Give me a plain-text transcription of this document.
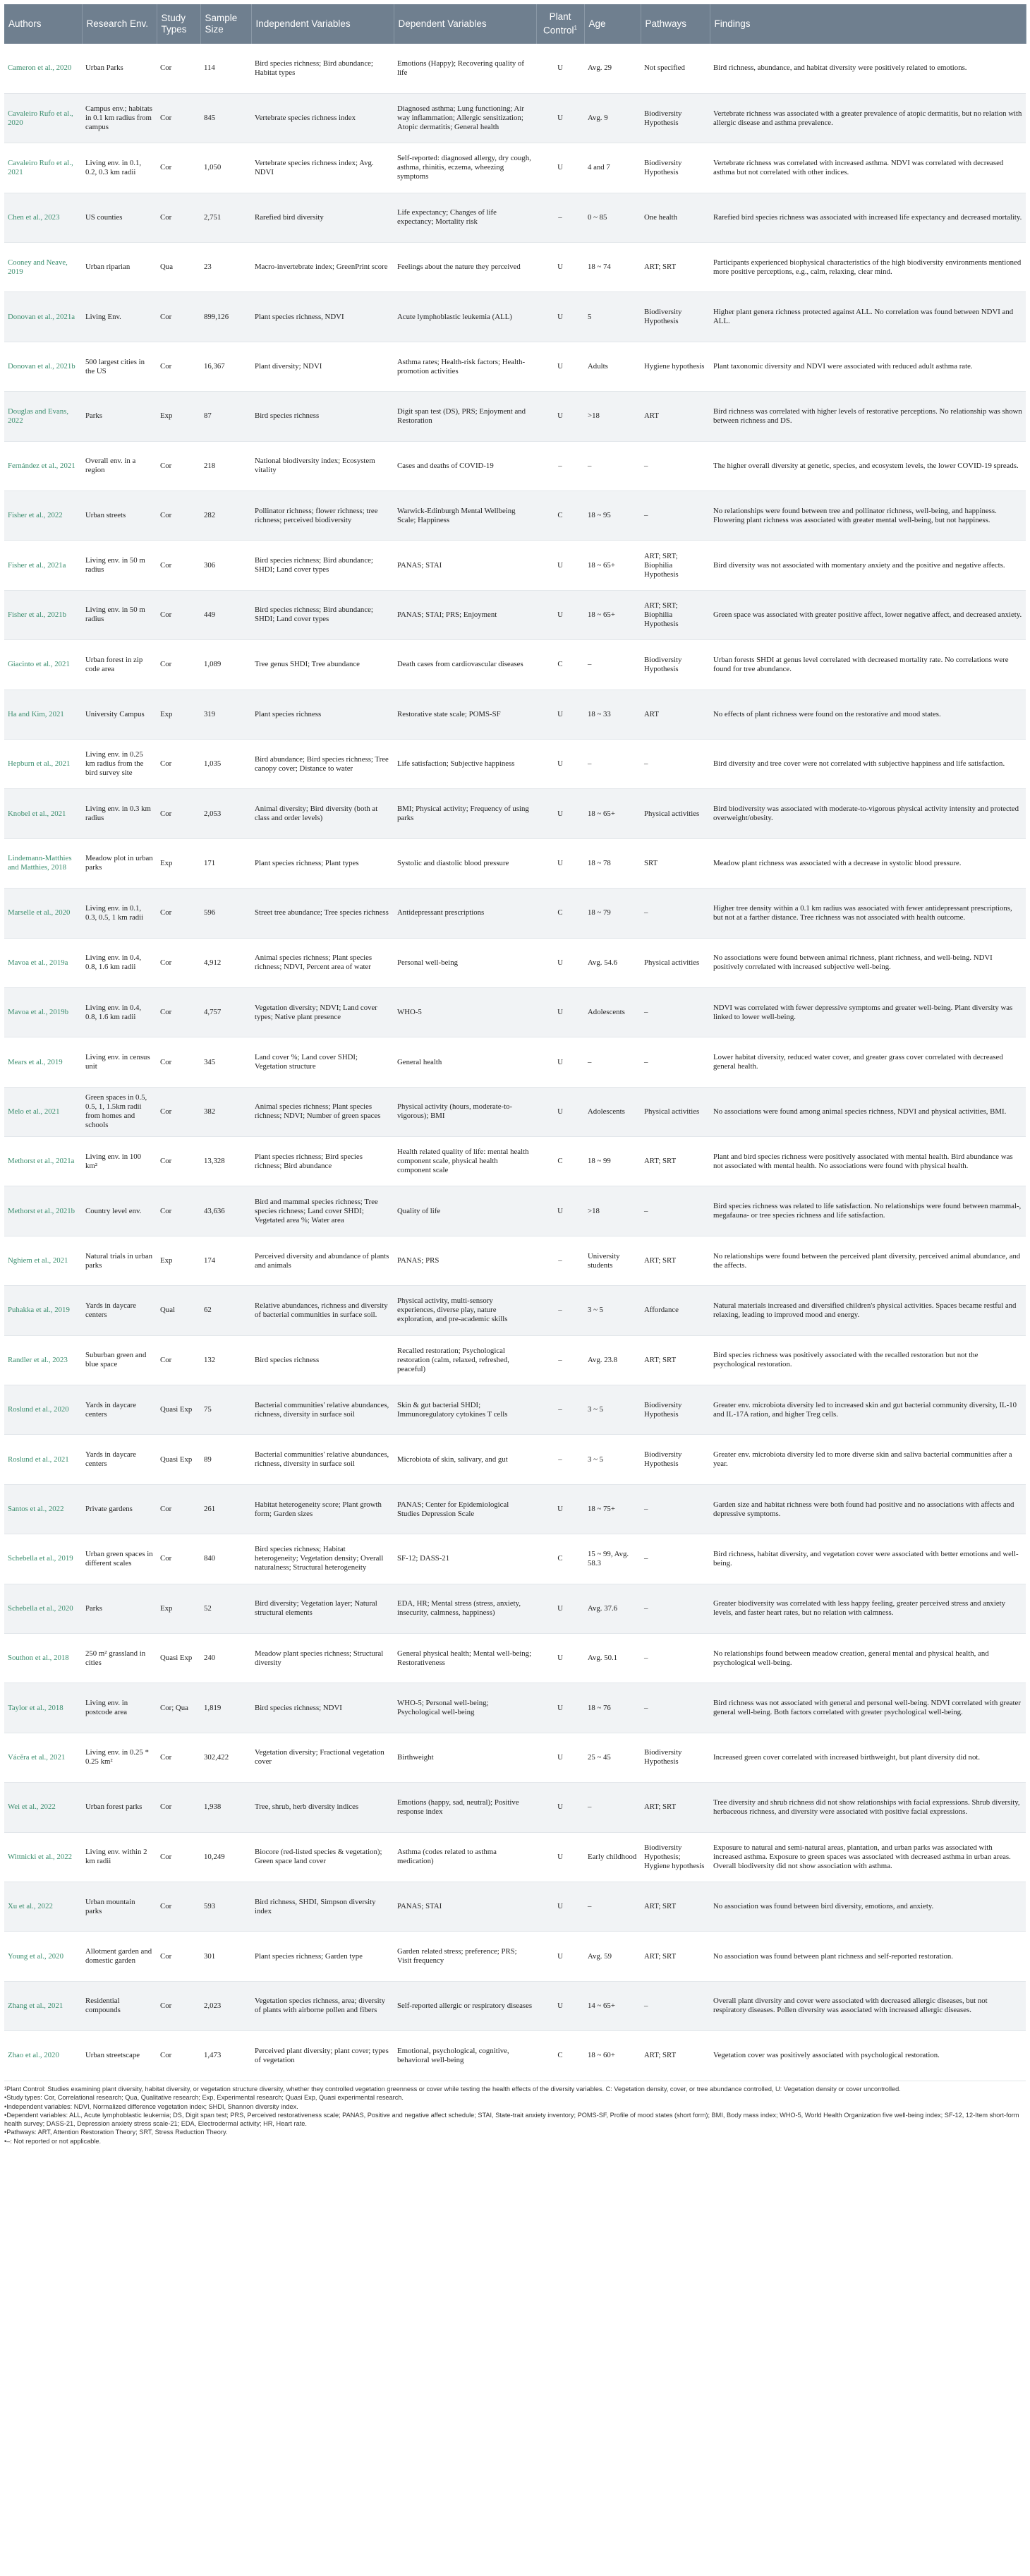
Authors	Research Env.	Study Types	Sample Size	Independent Variables	Dependent Variables	Plant Control$^1$	Age	Pathways	Findings
Cameron et al., 2020	Urban Parks	Cor	114	Bird species richness; Bird abundance; Habitat types	Emotions (Happy); Recovering quality of life	U	Avg. 29	Not specified	Bird richness, abundance, and habitat diversity were positively related to emotions.
Cavaleiro Rufo et al., 2020	Campus env.; habitats in 0.1 km radius from campus	Cor	845	Vertebrate species richness index	Diagnosed asthma; Lung functioning; Air way inflammation; Allergic sensitization; Atopic dermatitis; General health	U	Avg. 9	Biodiversity Hypothesis	Vertebrate richness was associated with a greater prevalence of atopic dermatitis, but no relation with allergic disease and asthma prevalence.
Cavaleiro Rufo et al., 2021	Living env. in 0.1, 0.2, 0.3 km radii	Cor	1,050	Vertebrate species richness index; Avg. NDVI	Self-reported: diagnosed allergy, dry cough, asthma, rhinitis, eczema, wheezing symptoms	U	4 and 7	Biodiversity Hypothesis	Vertebrate richness was correlated with increased asthma. NDVI was correlated with decreased asthma but not correlated with other indices.
Chen et al., 2023	US counties	Cor	2,751	Rarefied bird diversity	Life expectancy; Changes of life expectancy; Mortality risk	–	0 ~ 85	One health	Rarefied bird species richness was associated with increased life expectancy and decreased mortality.
Cooney and Neave, 2019	Urban riparian	Qua	23	Macro-invertebrate index; GreenPrint score	Feelings about the nature they perceived	U	18 ~ 74	ART; SRT	Participants experienced biophysical characteristics of the high biodiversity environments mentioned more positive perceptions, e.g., calm, relaxing, clear mind.
Donovan et al., 2021a	Living Env.	Cor	899,126	Plant species richness, NDVI	Acute lymphoblastic leukemia (ALL)	U	5	Biodiversity Hypothesis	Higher plant genera richness protected against ALL. No correlation was found between NDVI and ALL.
Donovan et al., 2021b	500 largest cities in the US	Cor	16,367	Plant diversity; NDVI	Asthma rates; Health-risk factors; Health-promotion activities	U	Adults	Hygiene hypothesis	Plant taxonomic diversity and NDVI were associated with reduced adult asthma rate.
Douglas and Evans, 2022	Parks	Exp	87	Bird species richness	Digit span test (DS), PRS; Enjoyment and Restoration	U	>18	ART	Bird richness was correlated with higher levels of restorative perceptions. No relationship was shown between richness and DS.
Fernández et al., 2021	Overall env. in a region	Cor	218	National biodiversity index; Ecosystem vitality	Cases and deaths of COVID-19	–	–	–	The higher overall diversity at genetic, species, and ecosystem levels, the lower COVID-19 spreads.
Fisher et al., 2022	Urban streets	Cor	282	Pollinator richness; flower richness; tree richness; perceived biodiversity	Warwick-Edinburgh Mental Wellbeing Scale; Happiness	C	18 ~ 95	–	No relationships were found between tree and pollinator richness, well-being, and happiness. Flowering plant richness was associated with greater mental well-being, but not happiness.
Fisher et al., 2021a	Living env. in 50 m radius	Cor	306	Bird species richness; Bird abundance; SHDI; Land cover types	PANAS; STAI	U	18 ~ 65+	ART; SRT; Biophilia Hypothesis	Bird diversity was not associated with momentary anxiety and the positive and negative affects.
Fisher et al., 2021b	Living env. in 50 m radius	Cor	449	Bird species richness; Bird abundance; SHDI; Land cover types	PANAS; STAI; PRS; Enjoyment	U	18 ~ 65+	ART; SRT; Biophilia Hypothesis	Green space was associated with greater positive affect, lower negative affect, and decreased anxiety.
Giacinto et al., 2021	Urban forest in zip code area	Cor	1,089	Tree genus SHDI; Tree abundance	Death cases from cardiovascular diseases	C	–	Biodiversity Hypothesis	Urban forests SHDI at genus level correlated with decreased mortality rate. No correlations were found for tree abundance.
Ha and Kim, 2021	University Campus	Exp	319	Plant species richness	Restorative state scale; POMS-SF	U	18 ~ 33	ART	No effects of plant richness were found on the restorative and mood states.
Hepburn et al., 2021	Living env. in 0.25 km radius from the bird survey site	Cor	1,035	Bird abundance; Bird species richness; Tree canopy cover; Distance to water	Life satisfaction; Subjective happiness	U	–	–	Bird diversity and tree cover were not correlated with subjective happiness and life satisfaction.
Knobel et al., 2021	Living env. in 0.3 km radius	Cor	2,053	Animal diversity; Bird diversity (both at class and order levels)	BMI; Physical activity; Frequency of using parks	U	18 ~ 65+	Physical activities	Bird biodiversity was associated with moderate-to-vigorous physical activity intensity and protected overweight/obesity.
Lindemann-Matthies and Matthies, 2018	Meadow plot in urban parks	Exp	171	Plant species richness; Plant types	Systolic and diastolic blood pressure	U	18 ~ 78	SRT	Meadow plant richness was associated with a decrease in systolic blood pressure.
Marselle et al., 2020	Living env. in 0.1, 0.3, 0.5, 1 km radii	Cor	596	Street tree abundance; Tree species richness	Antidepressant prescriptions	C	18 ~ 79	–	Higher tree density within a 0.1 km radius was associated with fewer antidepressant prescriptions, but not at a farther distance. Tree richness was not associated with health outcome.
Mavoa et al., 2019a	Living env. in 0.4, 0.8, 1.6 km radii	Cor	4,912	Animal species richness; Plant species richness; NDVI, Percent area of water	Personal well-being	U	Avg. 54.6	Physical activities	No associations were found between animal richness, plant richness, and well-being. NDVI positively correlated with increased subjective well-being.
Mavoa et al., 2019b	Living env. in 0.4, 0.8, 1.6 km radii	Cor	4,757	Vegetation diversity; NDVI; Land cover types; Native plant presence	WHO-5	U	Adolescents	–	NDVI was correlated with fewer depressive symptoms and greater well-being. Plant diversity was linked to lower well-being.
Mears et al., 2019	Living env. in census unit	Cor	345	Land cover %; Land cover SHDI; Vegetation structure	General health	U	–	–	Lower habitat diversity, reduced water cover, and greater grass cover correlated with decreased general health.
Melo et al., 2021	Green spaces in 0.5, 0.5, 1, 1.5km radii from homes and schools	Cor	382	Animal species richness; Plant species richness; NDVI; Number of green spaces	Physical activity (hours, moderate-to-vigorous); BMI	U	Adolescents	Physical activities	No associations were found among animal species richness, NDVI and physical activities, BMI.
Methorst et al., 2021a	Living env. in 100 km²	Cor	13,328	Plant species richness; Bird species richness; Bird abundance	Health related quality of life: mental health component scale, physical health component scale	C	18 ~ 99	ART; SRT	Plant and bird species richness were positively associated with mental health. Bird abundance was not associated with mental health. No associations were found with physical health.
Methorst et al., 2021b	Country level env.	Cor	43,636	Bird and mammal species richness; Tree species richness; Land cover SHDI; Vegetated area %; Water area	Quality of life	U	>18	–	Bird species richness was related to life satisfaction. No relationships were found between mammal-, megafauna- or tree species richness and life satisfaction.
Nghiem et al., 2021	Natural trials in urban parks	Exp	174	Perceived diversity and abundance of plants and animals	PANAS; PRS	–	University students	ART; SRT	No relationships were found between the perceived plant diversity, perceived animal abundance, and the affects.
Puhakka et al., 2019	Yards in daycare centers	Qual	62	Relative abundances, richness and diversity of bacterial communities in surface soil.	Physical activity, multi-sensory experiences, diverse play, nature exploration, and pre-academic skills	–	3 ~ 5	Affordance	Natural materials increased and diversified children's physical activities. Spaces became restful and relaxing, leading to improved mood and energy.
Randler et al., 2023	Suburban green and blue space	Cor	132	Bird species richness	Recalled restoration; Psychological restoration (calm, relaxed, refreshed, peaceful)	–	Avg. 23.8	ART; SRT	Bird species richness was positively associated with the recalled restoration but not the psychological restoration.
Roslund et al., 2020	Yards in daycare centers	Quasi Exp	75	Bacterial communities' relative abundances, richness, diversity in surface soil	Skin & gut bacterial SHDI; Immunoregulatory cytokines T cells	–	3 ~ 5	Biodiversity Hypothesis	Greater env. microbiota diversity led to increased skin and gut bacterial community diversity, IL-10 and IL-17A ration, and higher Treg cells.
Roslund et al., 2021	Yards in daycare centers	Quasi Exp	89	Bacterial communities' relative abundances, richness, diversity in surface soil	Microbiota of skin, salivary, and gut	–	3 ~ 5	Biodiversity Hypothesis	Greater env. microbiota diversity led to more diverse skin and saliva bacterial communities after a year.
Santos et al., 2022	Private gardens	Cor	261	Habitat heterogeneity score; Plant growth form; Garden sizes	PANAS; Center for Epidemiological Studies Depression Scale	U	18 ~ 75+	–	Garden size and habitat richness were both found had positive and no associations with affects and depressive symptoms.
Schebella et al., 2019	Urban green spaces in different scales	Cor	840	Bird species richness; Habitat heterogeneity; Vegetation density; Overall naturalness; Structural heterogeneity	SF-12; DASS-21	C	15 ~ 99, Avg. 58.3	–	Bird richness, habitat diversity, and vegetation cover were associated with better emotions and well-being.
Schebella et al., 2020	Parks	Exp	52	Bird diversity; Vegetation layer; Natural structural elements	EDA, HR; Mental stress (stress, anxiety, insecurity, calmness, happiness)	U	Avg. 37.6	–	Greater biodiversity was correlated with less happy feeling, greater perceived stress and anxiety levels, and faster heart rates, but no relation with calmness.
Southon et al., 2018	250 m² grassland in cities	Quasi Exp	240	Meadow plant species richness; Structural diversity	General physical health; Mental well-being; Restorativeness	U	Avg. 50.1	–	No relationships found between meadow creation, general mental and physical health, and psychological well-being.
Taylor et al., 2018	Living env. in postcode area	Cor; Qua	1,819	Bird species richness; NDVI	WHO-5; Personal well-being; Psychological well-being	U	18 ~ 76	–	Bird richness was not associated with general and personal well-being. NDVI correlated with greater general well-being. Both factors correlated with greater psychological well-being.
Vácěra et al., 2021	Living env. in 0.25 * 0.25 km²	Cor	302,422	Vegetation diversity; Fractional vegetation cover	Birthweight	U	25 ~ 45	Biodiversity Hypothesis	Increased green cover correlated with increased birthweight, but plant diversity did not.
Wei et al., 2022	Urban forest parks	Cor	1,938	Tree, shrub, herb diversity indices	Emotions (happy, sad, neutral); Positive response index	U	–	ART; SRT	Tree diversity and shrub richness did not show relationships with facial expressions. Shrub diversity, herbaceous richness, and diversity were associated with positive facial expressions.
Wittnicki et al., 2022	Living env. within 2 km radii	Cor	10,249	Biocore (red-listed species & vegetation); Green space land cover	Asthma (codes related to asthma medication)	U	Early childhood	Biodiversity Hypothesis; Hygiene hypothesis	Exposure to natural and semi-natural areas, plantation, and urban parks was associated with increased asthma. Exposure to green spaces was associated with decreased asthma in urban areas. Overall biodiversity did not show association with asthma.
Xu et al., 2022	Urban mountain parks	Cor	593	Bird richness, SHDI, Simpson diversity index	PANAS; STAI	U	–	ART; SRT	No association was found between bird diversity, emotions, and anxiety.
Young et al., 2020	Allotment garden and domestic garden	Cor	301	Plant species richness; Garden type	Garden related stress; preference; PRS; Visit frequency	U	Avg. 59	ART; SRT	No association was found between plant richness and self-reported restoration.
Zhang et al., 2021	Residential compounds	Cor	2,023	Vegetation species richness, area; diversity of plants with airborne pollen and fibers	Self-reported allergic or respiratory diseases	U	14 ~ 65+	–	Overall plant diversity and cover were associated with decreased allergic diseases, but not respiratory diseases. Pollen diversity was associated with increased allergic diseases.
Zhao et al., 2020	Urban streetscape	Cor	1,473	Perceived plant diversity; plant cover; types of vegetation	Emotional, psychological, cognitive, behavioral well-being	C	18 ~ 60+	ART; SRT	Vegetation cover was positively associated with psychological restoration.

¹Plant Control: Studies examining plant diversity, habitat diversity, or vegetation structure diversity, whether they controlled vegetation greenness or cover while testing the health effects of the diversity variables. C: Vegetation density, cover, or tree abundance controlled, U: Vegetation density or cover uncontrolled.

•Study types: Cor, Correlational research; Qua, Qualitative research; Exp, Experimental research; Quasi Exp, Quasi experimental research.

•Independent variables: NDVI, Normalized difference vegetation index; SHDI, Shannon diversity index.

•Dependent variables: ALL, Acute lymphoblastic leukemia; DS, Digit span test; PRS, Perceived restorativeness scale; PANAS, Positive and negative affect schedule; STAI, State-trait anxiety inventory; POMS-SF, Profile of mood states (short form); BMI, Body mass index; WHO-5, World Health Organization five well-being index; SF-12, 12-Item short-form health survey; DASS-21, Depression anxiety stress scale-21; EDA, Electrodermal activity; HR, Heart rate.

•Pathways: ART, Attention Restoration Theory; SRT, Stress Reduction Theory.

•–: Not reported or not applicable.
